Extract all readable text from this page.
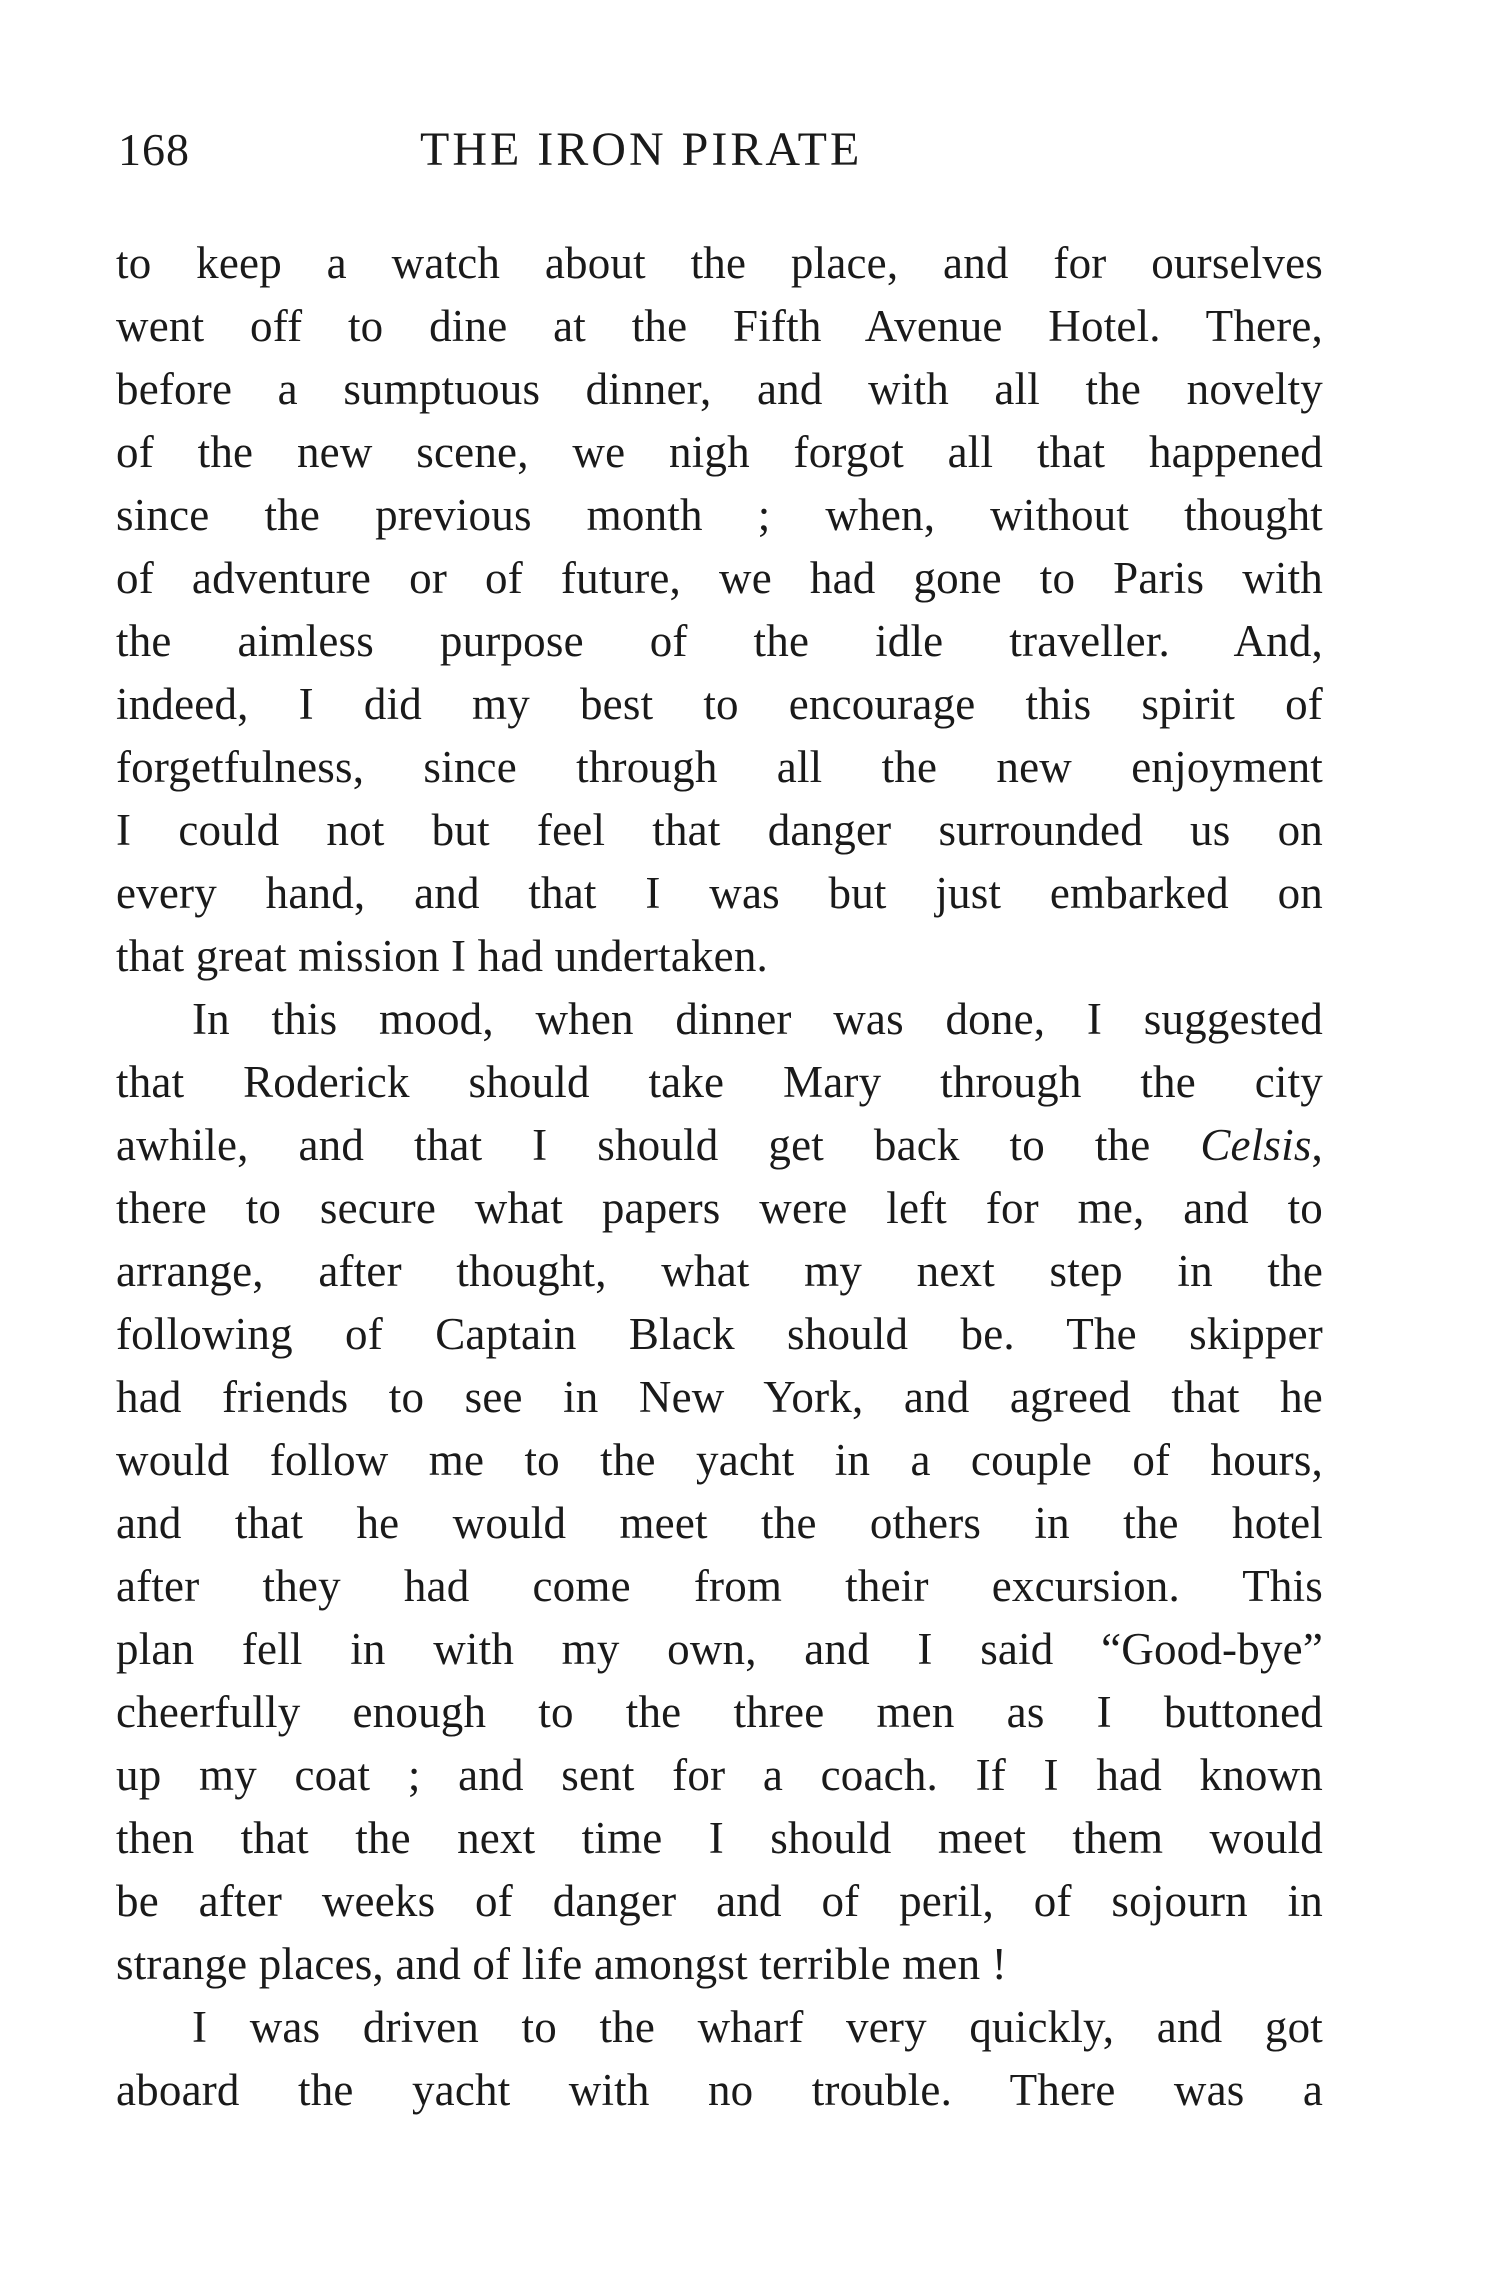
168	THE IRON PIRATE
to keep a watch about the place, and for ourselves
went off to dine at the Fifth Avenue Hotel. There,
before a sumptuous dinner, and with all the novelty
of the new scene, we nigh forgot all that happened
since the previous month ; when, without thought
of adventure or of future, we had gone to Paris with
the aimless purpose of the idle traveller. And,
indeed, I did my best to encourage this spirit of
forgetfulness, since through all the new enjoyment
I could not but feel that danger surrounded us on
every hand, and that I was but just embarked on
that great mission I had undertaken.
In this mood, when dinner was done, I suggested
that Roderick should take Mary through the city
awhile, and that I should get back to the Celsis,
there to secure what papers were left for me, and to
arrange, after thought, what my next step in the
following of Captain Black should be. The skipper
had friends to see in New York, and agreed that he
would follow me to the yacht in a couple of hours,
and that he would meet the others in the hotel
after they had come from their excursion. This
plan fell in with my own, and I said “Good-bye”
cheerfully enough to the three men as I buttoned
up my coat ; and sent for a coach. If I had known
then that the next time I should meet them would
be after weeks of danger and of peril, of sojourn in
strange places, and of life amongst terrible men !
I was driven to the wharf very quickly, and got
aboard the yacht with no trouble. There was a
